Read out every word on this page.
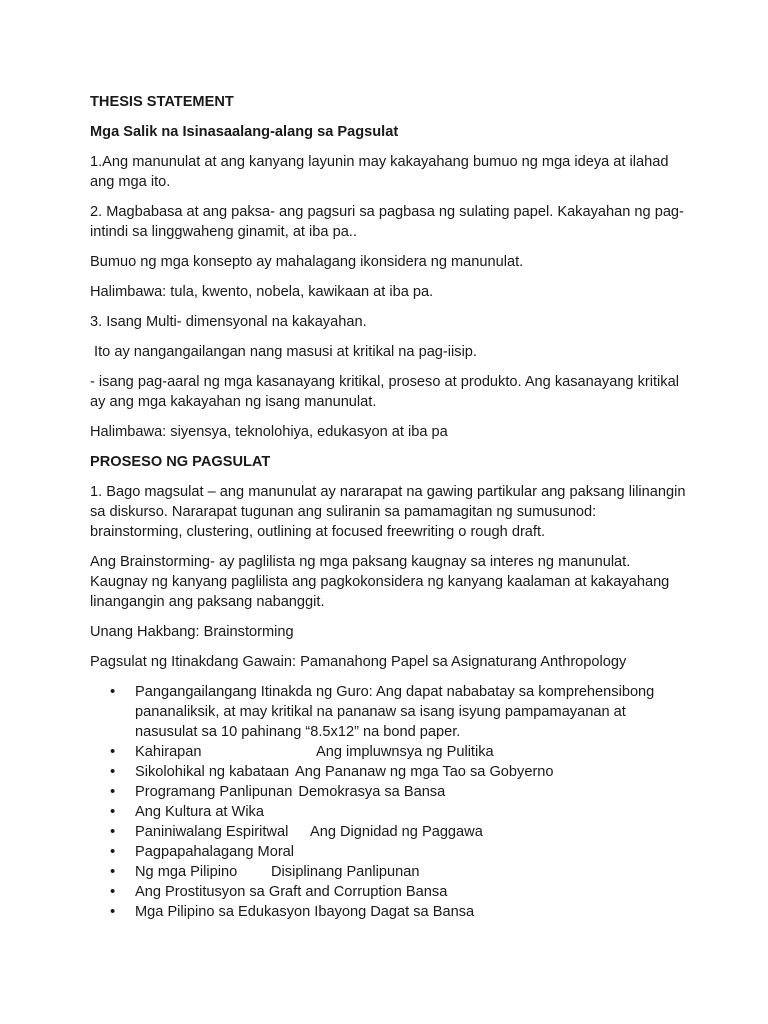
THESIS STATEMENT
Mga Salik na Isinasaalang-alang sa Pagsulat
1.Ang manunulat at ang kanyang layunin may kakayahang bumuo ng mga ideya at ilahad ang mga ito.
2. Magbabasa at ang paksa- ang pagsuri sa pagbasa ng sulating papel. Kakayahan ng pag-intindi sa linggwaheng ginamit, at iba pa..
Bumuo ng mga konsepto ay mahalagang ikonsidera ng manunulat.
Halimbawa: tula, kwento, nobela, kawikaan at iba pa.
3. Isang Multi- dimensyonal na kakayahan.
Ito ay nangangailangan nang masusi at kritikal na pag-iisip.
- isang pag-aaral ng mga kasanayang kritikal, proseso at produkto. Ang kasanayang kritikal ay ang mga kakayahan ng isang manunulat.
Halimbawa: siyensya, teknolohiya, edukasyon at iba pa
PROSESO NG PAGSULAT
1. Bago magsulat – ang manunulat ay nararapat na gawing partikular ang paksang lilinangin sa diskurso. Nararapat tugunan ang suliranin sa pamamagitan ng sumusunod: brainstorming, clustering, outlining at focused freewriting o rough draft.
Ang Brainstorming- ay paglilista ng mga paksang kaugnay sa interes ng manunulat. Kaugnay ng kanyang paglilista ang pagkokonsidera ng kanyang kaalaman at kakayahang linangangin ang paksang nabanggit.
Unang Hakbang: Brainstorming
Pagsulat ng Itinakdang Gawain: Pamanahong Papel sa Asignaturang Anthropology
• Pangangailangang Itinakda ng Guro: Ang dapat nababatay sa komprehensibong pananaliksik, at may kritikal na pananaw sa isang isyung pampamayanan at nasusulat sa 10 pahinang “8.5x12” na bond paper.
• Kahirapan	Ang impluwnsya ng Pulitika
• Sikolohikal ng kabataan Ang Pananaw ng mga Tao sa Gobyerno
• Programang Panlipunan Demokrasya sa Bansa
• Ang Kultura at Wika
• Paniniwalang Espiritwal Ang Dignidad ng Paggawa
• Pagpapahalagang Moral
• Ng mga Pilipino Disiplinang Panlipunan
• Ang Prostitusyon sa Graft and Corruption Bansa
• Mga Pilipino sa Edukasyon Ibayong Dagat sa Bansa
